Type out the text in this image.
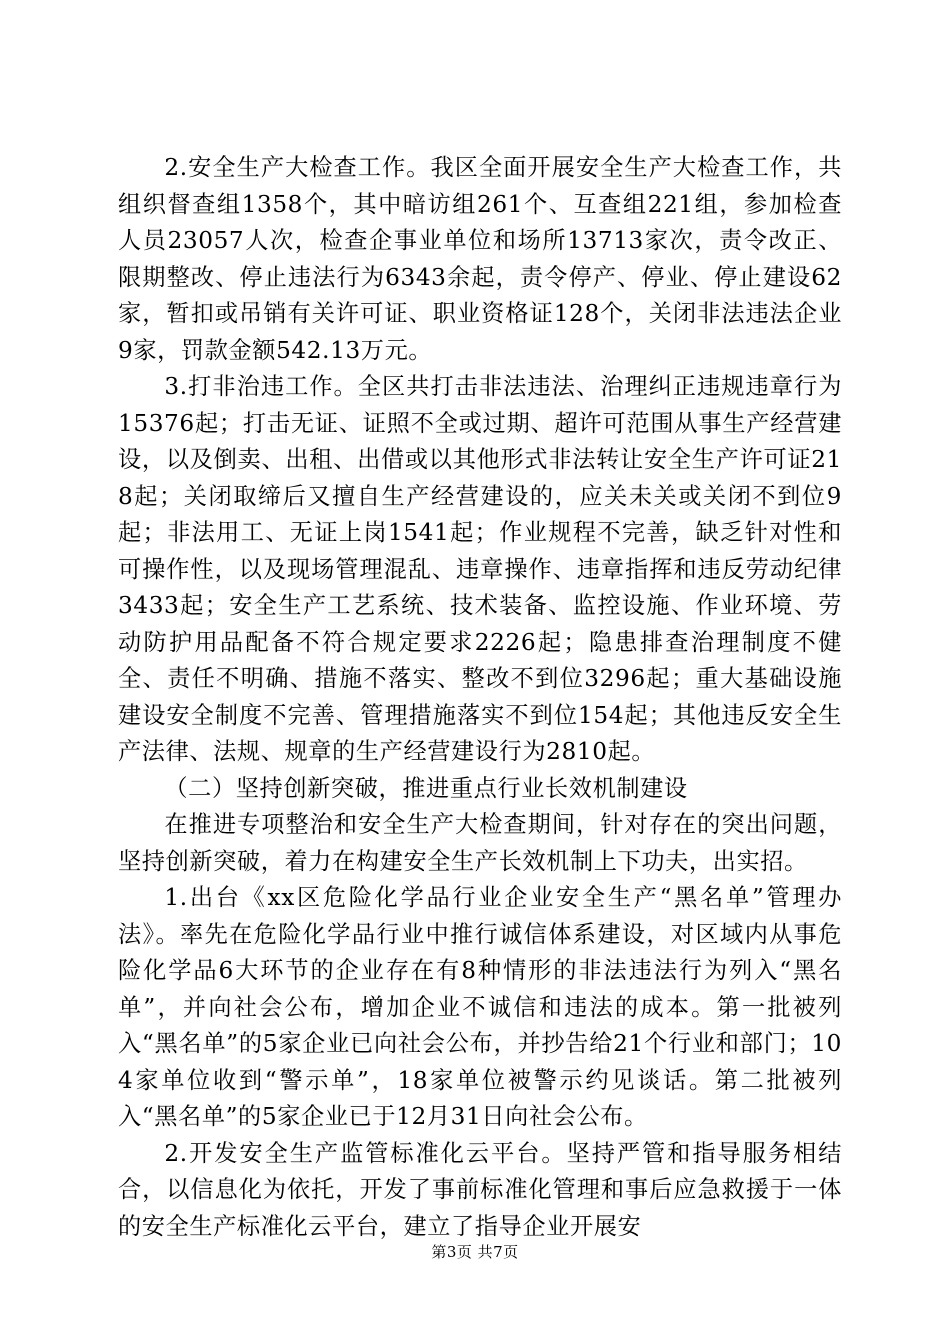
2.安全生产大检查工作。我区全面开展安全生产大检查工作，共组织督查组1358个，其中暗访组261个、互查组221组，参加检查人员23057人次，检查企事业单位和场所13713家次，责令改正、限期整改、停止违法行为6343余起，责令停产、停业、停止建设62家，暂扣或吊销有关许可证、职业资格证128个，关闭非法违法企业9家，罚款金额542.13万元。

3.打非治违工作。全区共打击非法违法、治理纠正违规违章行为15376起；打击无证、证照不全或过期、超许可范围从事生产经营建设，以及倒卖、出租、出借或以其他形式非法转让安全生产许可证218起；关闭取缔后又擅自生产经营建设的，应关未关或关闭不到位9起；非法用工、无证上岗1541起；作业规程不完善，缺乏针对性和可操作性，以及现场管理混乱、违章操作、违章指挥和违反劳动纪律3433起；安全生产工艺系统、技术装备、监控设施、作业环境、劳动防护用品配备不符合规定要求2226起；隐患排查治理制度不健全、责任不明确、措施不落实、整改不到位3296起；重大基础设施建设安全制度不完善、管理措施落实不到位154起；其他违反安全生产法律、法规、规章的生产经营建设行为2810起。

（二）坚持创新突破，推进重点行业长效机制建设

在推进专项整治和安全生产大检查期间，针对存在的突出问题，坚持创新突破，着力在构建安全生产长效机制上下功夫，出实招。

1.出台《xx区危险化学品行业企业安全生产“黑名单”管理办法》。率先在危险化学品行业中推行诚信体系建设，对区域内从事危险化学品6大环节的企业存在有8种情形的非法违法行为列入“黑名单”，并向社会公布，增加企业不诚信和违法的成本。第一批被列入“黑名单”的5家企业已向社会公布，并抄告给21个行业和部门；104家单位收到“警示单”，18家单位被警示约见谈话。第二批被列入“黑名单”的5家企业已于12月31日向社会公布。

2.开发安全生产监管标准化云平台。坚持严管和指导服务相结合，以信息化为依托，开发了事前标准化管理和事后应急救援于一体的安全生产标准化云平台，建立了指导企业开展安

第3页 共7页
